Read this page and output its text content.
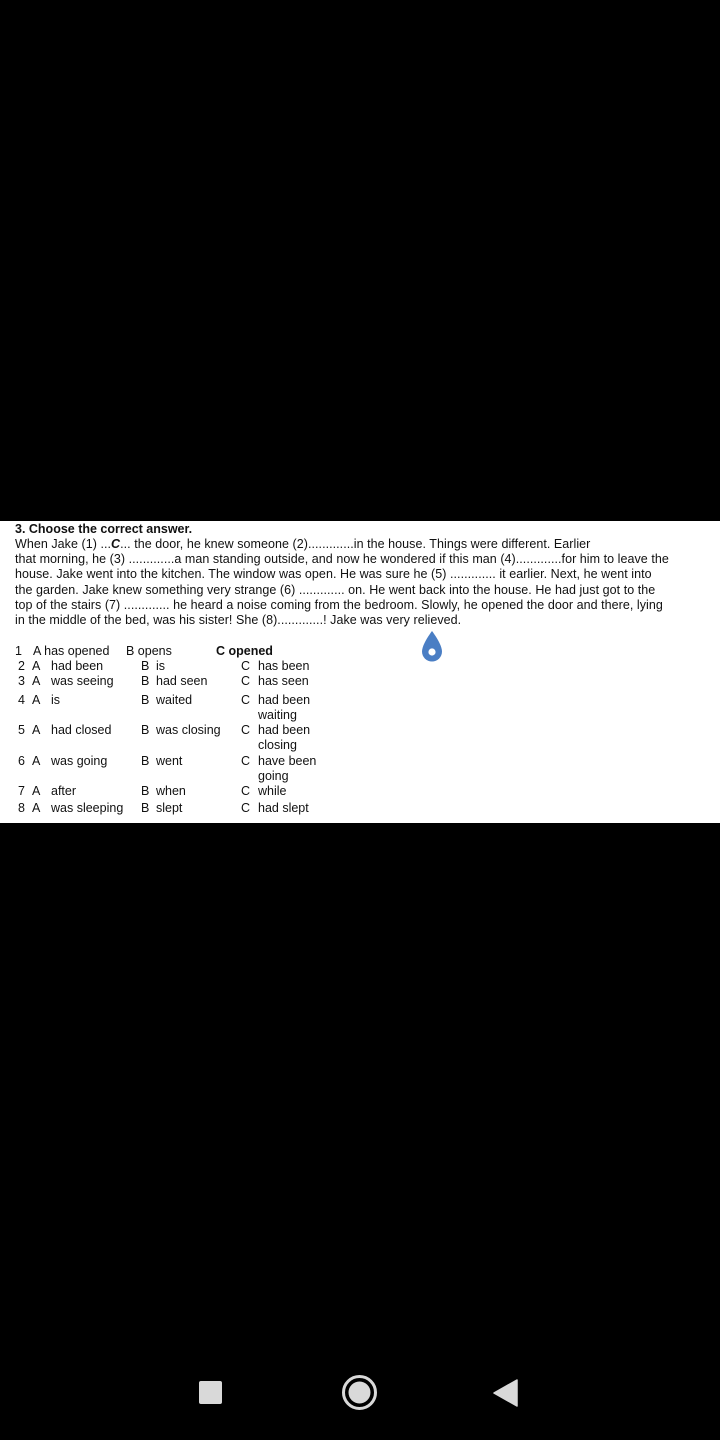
3. Choose the correct answer.
When Jake (1) ...C... the door, he knew someone (2).............in the house. Things were different. Earlier
that morning, he (3) .............a man standing outside, and now he wondered if this man (4).............for him to leave the
house. Jake went into the kitchen. The window was open. He was sure he (5) ............. it earlier. Next, he went into
the garden. Jake knew something very strange (6) ............. on. He went back into the house. He had just got to the
top of the stairs (7) ............. he heard a noise coming from the bedroom. Slowly, he opened the door and there, lying
in the middle of the bed, was his sister! She (8).............! Jake was very relieved.
1 A has opened B opens	C opened
2 A had been	B is	C has been
3 A was seeing B had seen	C has seen
4 A is	B waited	C had been
waiting
5 A had closed B was closing C had been
closing
6 A was going	B went	C have been
going
7 A after	B when	C while
8 A was sleeping B slept	C had slept
